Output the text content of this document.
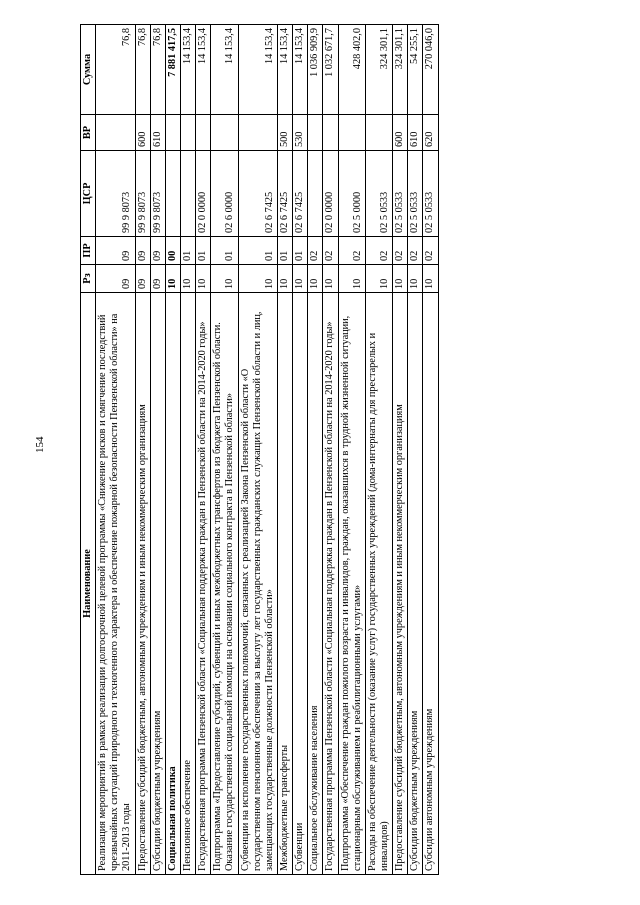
154
Наименование	Рз	ПР	ЦСР	ВР	Сумма
Реализация мероприятий в рамках реализации долгосрочной целевой программы «Снижение рисков и смягчение последствий чрезвычайных ситуаций природного и техногенного характера и обеспечение пожарной безопасности Пензенской области» на 2011-2013 годы	09	09	99 9 8073		76,8
Предоставление субсидий бюджетным, автономным учреждениям и иным некоммерческим организациям	09	09	99 9 8073	600	76,8
Субсидии бюджетным учреждениям	09	09	99 9 8073	610	76,8
Социальная политика	10	00			7 881 417,5
Пенсионное обеспечение	10	01			14 153,4
Государственная программа Пензенской области «Социальная поддержка граждан в Пензенской области на 2014-2020 годы»	10	01	02 0 0000		14 153,4
Подпрограмма «Предоставление субсидий, субвенций и иных межбюджетных трансфертов из бюджета Пензенской области. Оказание государственной социальной помощи на основании социального контракта в Пензенской области»	10	01	02 6 0000		14 153,4
Субвенции на исполнение государственных полномочий, связанных с реализацией Закона Пензенской области «О государственном пенсионном обеспечении за выслугу лет государственных гражданских служащих Пензенской области и лиц, замещающих государственные должности Пензенской области»	10	01	02 6 7425		14 153,4
Межбюджетные трансферты	10	01	02 6 7425	500	14 153,4
Субвенции	10	01	02 6 7425	530	14 153,4
Социальное обслуживание населения	10	02			1 036 909,9
Государственная программа Пензенской области «Социальная поддержка граждан в Пензенской области на 2014-2020 годы»	10	02	02 0 0000		1 032 671,7
Подпрограмма «Обеспечение граждан пожилого возраста и инвалидов, граждан, оказавшихся в трудной жизненной ситуации, стационарным обслуживанием и реабилитационными услугами»	10	02	02 5 0000		428 402,0
Расходы на обеспечение деятельности (оказание услуг) государственных учреждений (дома-интернаты для престарелых и инвалидов)	10	02	02 5 0533		324 301,1
Предоставление субсидий бюджетным, автономным учреждениям и иным некоммерческим организациям	10	02	02 5 0533	600	324 301,1
Субсидии бюджетным учреждениям	10	02	02 5 0533	610	54 255,1
Субсидии автономным учреждениям	10	02	02 5 0533	620	270 046,0
